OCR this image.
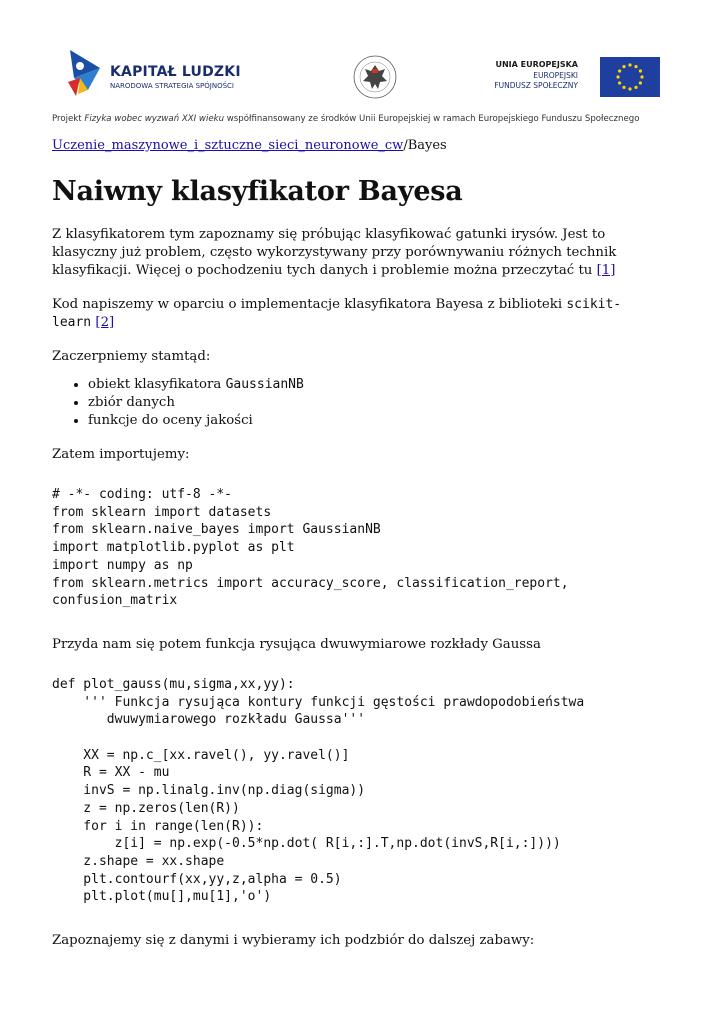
KAPITAŁ LUDZKI
NARODOWA STRATEGIA SPÓJNOŚCI
UNIA EUROPEJSKA
EUROPEJSKI
FUNDUSZ SPOŁECZNY
Projekt Fizyka wobec wyzwań XXI wieku współfinansowany ze środków Unii Europejskiej w ramach Europejskiego Funduszu Społecznego
Uczenie_maszynowe_i_sztuczne_sieci_neuronowe_cw/Bayes
Naiwny klasyfikator Bayesa

Z klasyfikatorem tym zapoznamy się próbując klasyfikować gatunki irysów. Jest to klasyczny już problem, często wykorzystywany przy porównywaniu różnych technik klasyfikacji. Więcej o pochodzeniu tych danych i problemie można przeczytać tu [1]

Kod napiszemy w oparciu o implementacje klasyfikatora Bayesa z biblioteki scikit-learn [2]

Zaczerpniemy stamtąd:

• obiekt klasyfikatora GaussianNB
• zbiór danych
• funkcje do oceny jakości

Zatem importujemy:

# -*- coding: utf-8 -*-
from sklearn import datasets
from sklearn.naive_bayes import GaussianNB
import matplotlib.pyplot as plt
import numpy as np
from sklearn.metrics import accuracy_score, classification_report,
confusion_matrix

Przyda nam się potem funkcja rysująca dwuwymiarowe rozkłady Gaussa

def plot_gauss(mu,sigma,xx,yy):
''' Funkcja rysująca kontury funkcji gęstości prawdopodobieństwa
dwuwymiarowego rozkładu Gaussa'''

XX = np.c_[xx.ravel(), yy.ravel()]
R = XX - mu
invS = np.linalg.inv(np.diag(sigma))
z = np.zeros(len(R))
for i in range(len(R)):
z[i] = np.exp(-0.5*np.dot( R[i,:].T,np.dot(invS,R[i,:])))
z.shape = xx.shape
plt.contourf(xx,yy,z,alpha = 0.5)
plt.plot(mu[],mu[1],'o')

Zapoznajemy się z danymi i wybieramy ich podzbiór do dalszej zabawy:
